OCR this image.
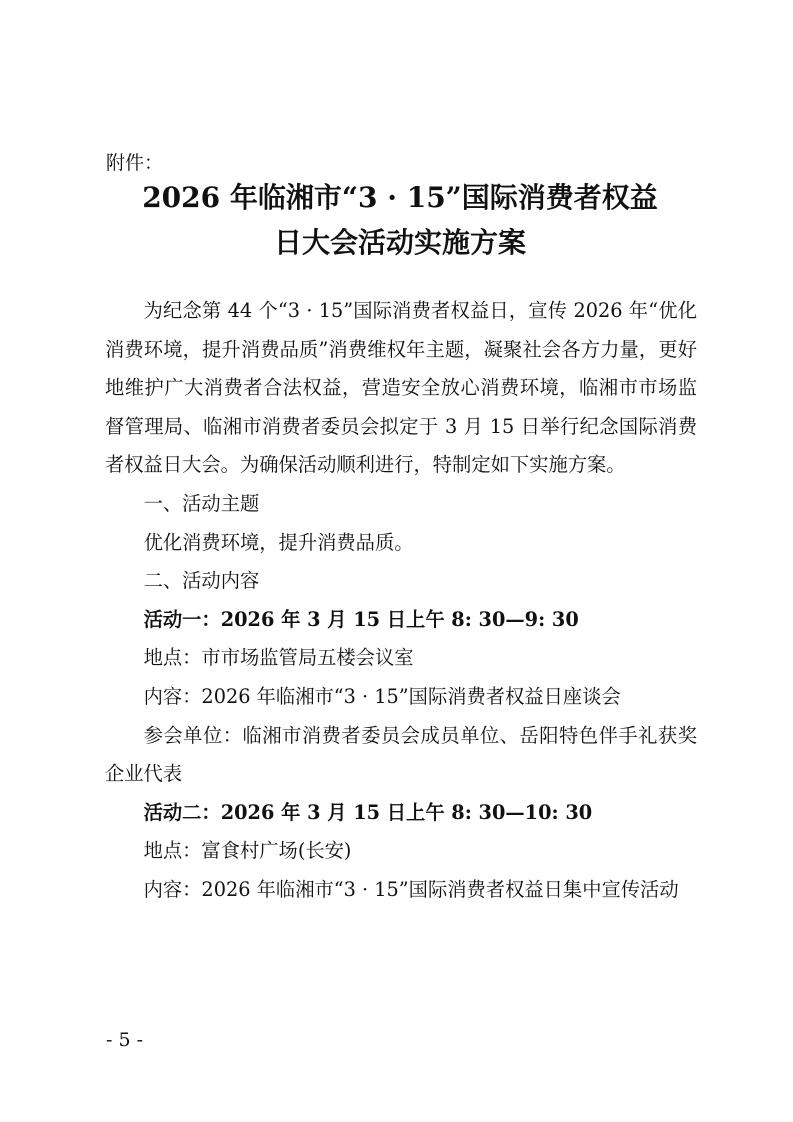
附件：
2026 年临湘市“3 · 15”国际消费者权益
日大会活动实施方案

为纪念第 44 个“3 · 15”国际消费者权益日，宣传 2026 年“优化消费环境，提升消费品质”消费维权年主题，凝聚社会各方力量，更好地维护广大消费者合法权益，营造安全放心消费环境，临湘市市场监督管理局、临湘市消费者委员会拟定于 3 月 15 日举行纪念国际消费者权益日大会。为确保活动顺利进行，特制定如下实施方案。

一、活动主题

优化消费环境，提升消费品质。

二、活动内容

活动一：2026 年 3 月 15 日上午 8: 30—9: 30

地点：市市场监管局五楼会议室

内容：2026 年临湘市“3 · 15”国际消费者权益日座谈会

参会单位：临湘市消费者委员会成员单位、岳阳特色伴手礼获奖企业代表

活动二：2026 年 3 月 15 日上午 8: 30—10: 30

地点：富食村广场(长安)

内容：2026 年临湘市“3 · 15”国际消费者权益日集中宣传活动

- 5 -
